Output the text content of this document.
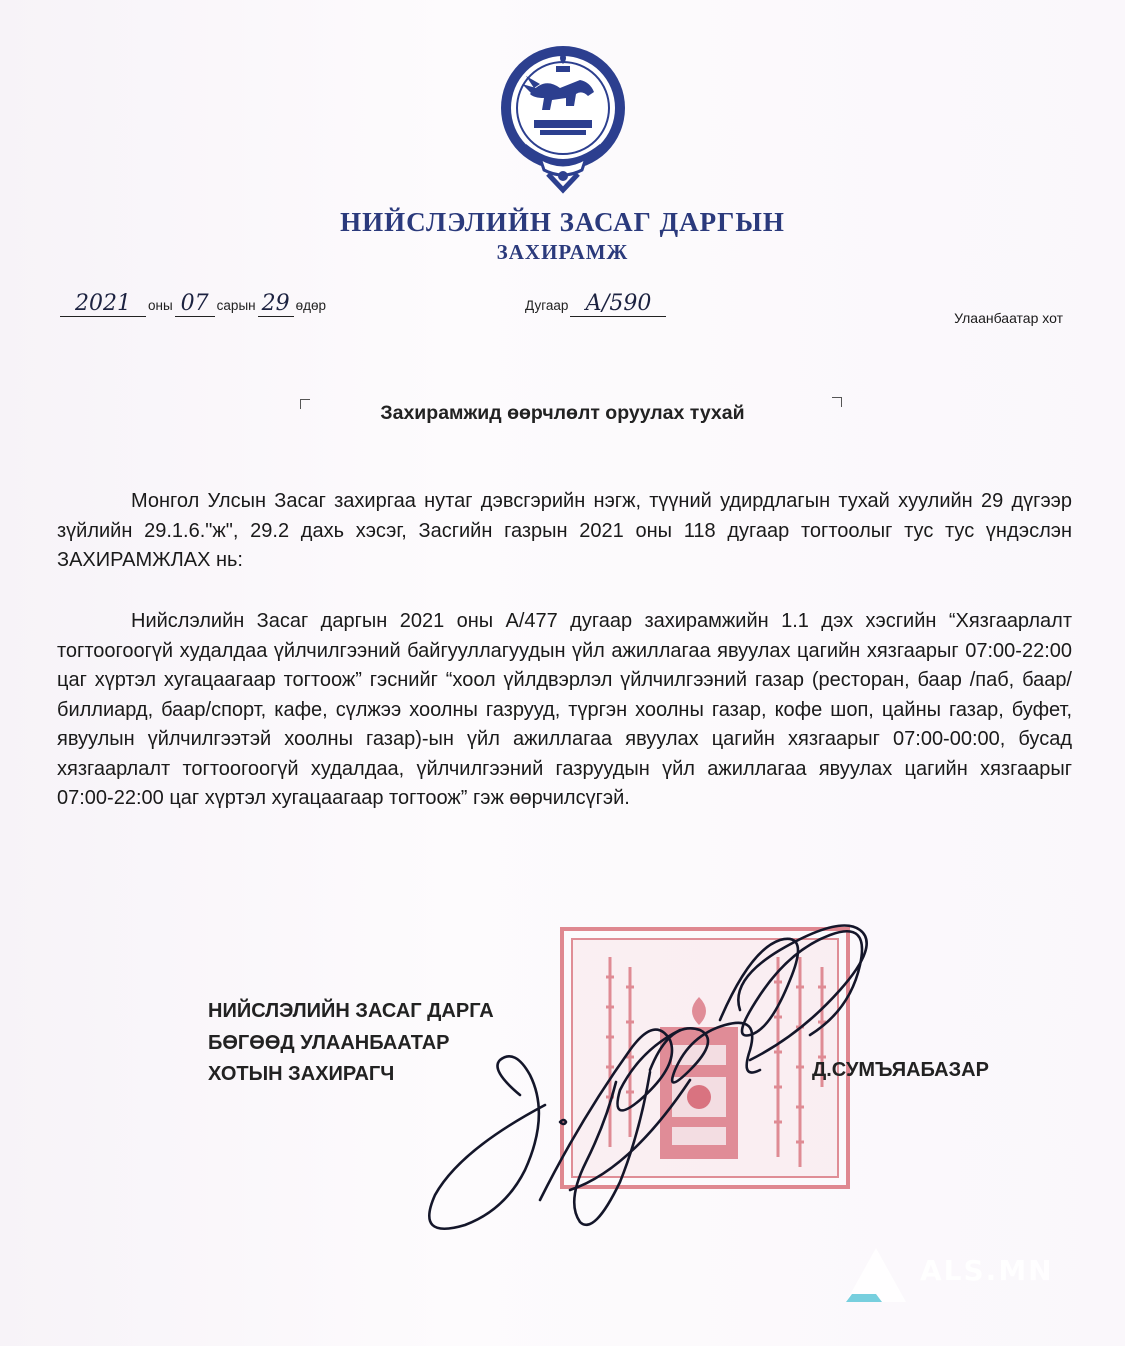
НИЙСЛЭЛИЙН ЗАСАГ ДАРГЫН
ЗАХИРАМЖ
2021 оны 07 сарын 29 өдөр	Дугаар А/590
Улаанбаатар хот
Захирамжид өөрчлөлт оруулах тухай
Монгол Улсын Засаг захиргаа нутаг дэвсгэрийн нэгж, түүний удирдлагын тухай хуулийн 29 дүгээр зүйлийн 29.1.6."ж", 29.2 дахь хэсэг, Засгийн газрын 2021 оны 118 дугаар тогтоолыг тус тус үндэслэн ЗАХИРАМЖЛАХ нь:
Нийслэлийн Засаг даргын 2021 оны А/477 дугаар захирамжийн 1.1 дэх хэсгийн “Хязгаарлалт тогтоогоогүй худалдаа үйлчилгээний байгууллагуудын үйл ажиллагаа явуулах цагийн хязгаарыг 07:00-22:00 цаг хүртэл хугацаагаар тогтоож” гэснийг “хоол үйлдвэрлэл үйлчилгээний газар (ресторан, баар /паб, баар/ биллиард, баар/спорт, кафе, сүлжээ хоолны газрууд, түргэн хоолны газар, кофе шоп, цайны газар, буфет, явуулын үйлчилгээтэй хоолны газар)-ын үйл ажиллагаа явуулах цагийн хязгаарыг 07:00-00:00, бусад хязгаарлалт тогтоогоогүй худалдаа, үйлчилгээний газруудын үйл ажиллагаа явуулах цагийн хязгаарыг 07:00-22:00 цаг хүртэл хугацаагаар тогтоож” гэж өөрчилсүгэй.
НИЙСЛЭЛИЙН ЗАСАГ ДАРГА
БӨГӨӨД УЛААНБААТАР
ХОТЫН ЗАХИРАГЧ	Д.СУМЪЯАБАЗАР
ALS.MN
